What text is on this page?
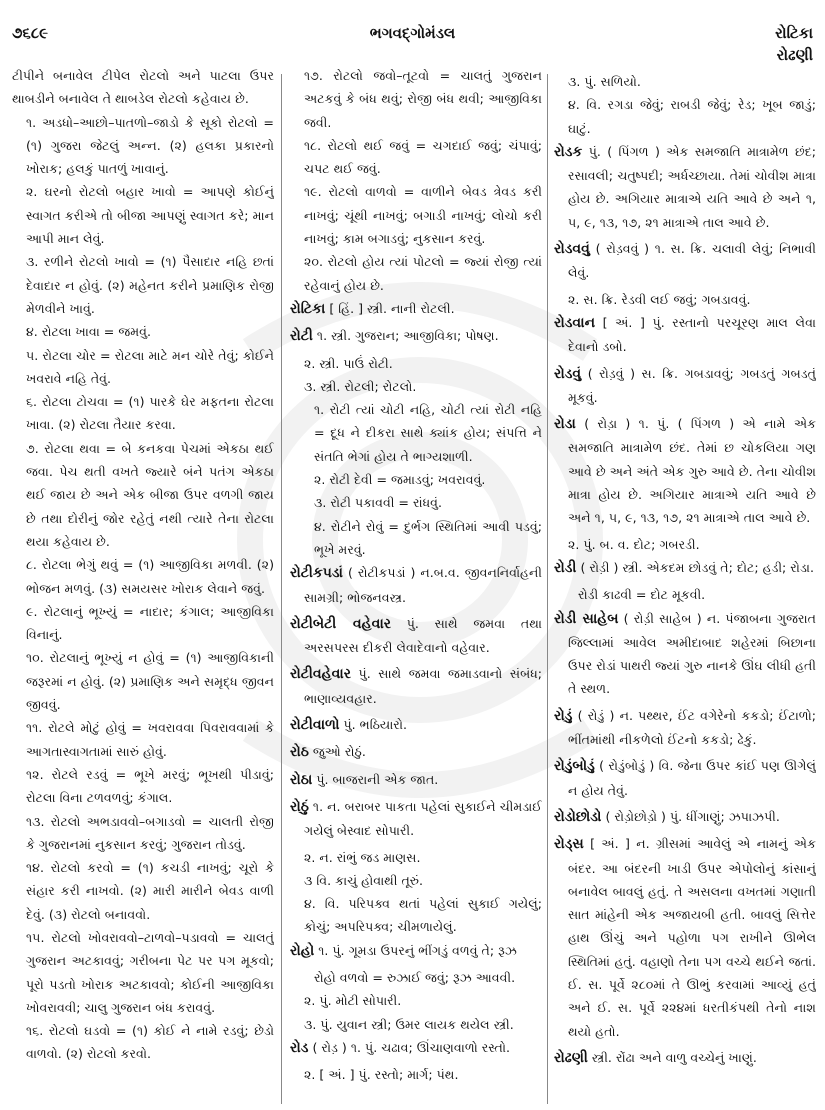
૭૬૮૯	ભગવદ્ગોમંડલ	રોટિકા
રોઢણી

ટીપીને બનાવેલ ટીપેલ રોટલો અને પાટલા ઉપર થાબડીને બનાવેલ તે થાબડેલ રોટલો કહેવાય છે.

૧. અડધો–આછો–પાતળો–જાડો કે સૂકો રોટલો = (૧) ગુજરા જેટલું અન્ન. (૨) હલકા પ્રકારનો ખોરાક; હલકું પાતળું ખાવાનું.

૨. ઘરનો રોટલો બહાર ખાવો = આપણે કોઈનું સ્વાગત કરીએ તો બીજા આપણું સ્વાગત કરે; માન આપી માન લેવું.

૩. રળીને રોટલો ખાવો = (૧) પૈસાદાર નહિ છતાં દેવાદાર ન હોવું. (૨) મહેનત કરીને પ્રમાણિક રોજી મેળવીને ખાવું.

૪. રોટલા ખાવા = જમવું.

૫. રોટલા ચોર = રોટલા માટે મન ચોરે તેવું; કોઈને ખવરાવે નહિ તેવું.

૬. રોટલા ટોચવા = (૧) પારકે ઘેર મફતના રોટલા ખાવા. (૨) રોટલા તૈયાર કરવા.

૭. રોટલા થવા = બે કનકવા પેચમાં એકઠા થઈ જવા. પેચ થતી વખતે જ્યારે બંને પતંગ એકઠા થઈ જાય છે અને એક બીજા ઉપર વળગી જાય છે તથા દોરીનું જોર રહેતું નથી ત્યારે તેના રોટલા થયા કહેવાય છે.

૮. રોટલા ભેગું થવું = (૧) આજીવિકા મળવી. (૨) ભોજન મળવું. (૩) સમયસર ખોરાક લેવાને જવું.

૯. રોટલાનું ભૂખ્યું = નાદાર; કંગાલ; આજીવિકા વિનાનું.

૧૦. રોટલાનું ભૂખ્યું ન હોવું = (૧) આજીવિકાની જરૂરમાં ન હોવું. (૨) પ્રમાણિક અને સમૃદ્ધ જીવન જીવવું.

૧૧. રોટલે મોટું હોવું = ખવરાવવા પિવરાવવામાં કે આગતાસ્વાગતામાં સારું હોવું.

૧૨. રોટલે રડવું = ભૂખે મરવું; ભૂખથી પીડાવું; રોટલા વિના ટળવળવું; કંગાલ.

૧૩. રોટલો અભડાવવો–બગાડવો = ચાલતી રોજી કે ગુજરાનમાં નુકસાન કરવું; ગુજરાન તોડવું.

૧૪. રોટલો કરવો = (૧) કચડી નાખવું; ચૂરો કે સંહાર કરી નાખવો. (૨) મારી મારીને બેવડ વાળી દેવું. (૩) રોટલો બનાવવો.

૧૫. રોટલો ખોવરાવવો–ટાળવો–પડાવવો = ચાલતું ગુજરાન અટકાવવું; ગરીબના પેટ પર પગ મૂકવો; પૂરો પડતો ખોરાક અટકાવવો; કોઈની આજીવિકા ખોવરાવવી; ચાલુ ગુજરાન બંધ કરાવવું.

૧૬. રોટલો ઘડવો = (૧) કોઈ ને નામે રડવું; છેડો વાળવો. (૨) રોટલો કરવો.

૧૭. રોટલો જવો–તૂટવો = ચાલતું ગુજરાન અટકવું કે બંધ થવું; રોજી બંધ થવી; આજીવિકા જવી.

૧૮. રોટલો થઈ જવું = ચગદાઈ જવું; ચંપાવું; ચપટ થઈ જવું.

૧૯. રોટલો વાળવો = વાળીને બેવડ ત્રેવડ કરી નાખવું; ચૂંથી નાખવું; બગાડી નાખવું; લોચો કરી નાખવું; કામ બગાડવું; નુકસાન કરવું.

૨૦. રોટલો હોય ત્યાં પોટલો = જ્યાં રોજી ત્યાં રહેવાનું હોય છે.

રોટિકા [ હિં. ] સ્ત્રી. નાની રોટલી.

રોટી ૧. સ્ત્રી. ગુજરાન; આજીવિકા; પોષણ.

૨. સ્ત્રી. પાઉં રોટી.

૩. સ્ત્રી. રોટલી; રોટલો.

૧. રોટી ત્યાં ચોટી નહિ, ચોટી ત્યાં રોટી નહિ = દૂધ ને દીકરા સાથે ક્યાંક હોય; સંપત્તિ ને સંતતિ ભેગાં હોય તે ભાગ્યશાળી.

૨. રોટી દેવી = જમાડવું; ખવરાવવું.

૩. રોટી પકાવવી = રાંધવું.

૪. રોટીને રોવું = દુર્ભગ સ્થિતિમાં આવી પડવું; ભૂખે મરવું.

રોટીકપડાં ( રોટીકપડાં ) ન.બ.વ. જીવનનિર્વાહની સામગ્રી; ભોજનવસ્ત્ર.

રોટીબેટી વહેવાર પું. સાથે જમવા તથા અરસપરસ દીકરી લેવાદેવાનો વહેવાર.

રોટીવહેવાર પું. સાથે જમવા જમાડવાનો સંબંધ; ભાણાવ્યવહાર.

રોટીવાળો પું. ભઠિયારો.

રોઠ જુઓ રોઠું.

રોઠા પું. બાજરાની એક જાત.

રોઠું ૧. ન. બરાબર પાકતા પહેલાં સુકાઈને ચીમડાઈ ગયેલું બેસ્વાદ સોપારી.

૨. ન. રાંભું જડ માણસ.

૩ વિ. કાચું હોવાથી તૂરું.

૪. વિ. પરિપક્વ થતાં પહેલાં સુકાઈ ગયેલું; કોચું; અપરિપક્વ; ચીમળાયેલું.

રોહો ૧. પું. ગૂમડા ઉપરનું ભીંગડું વળવું તે; રૂઝ

રોહો વળવો = રુઝાઈ જવું; રૂઝ આવવી.

૨. પું. મોટી સોપારી.

૩. પું. યુવાન સ્ત્રી; ઉમર લાયક થયેલ સ્ત્રી.

રોડ ( રોડ઼ ) ૧. પું. ચઢાવ; ઊંચાણવાળો રસ્તો.

૨. [ અં. ] પું. રસ્તો; માર્ગ; પંથ.

૩. પું. સળિયો.

૪. વિ. રગડા જેવું; રાબડી જેવું; રેડ; ખૂબ જાડું; ઘાટું.

રોડક પું. ( પિંગળ ) એક સમજાતિ માત્રામેળ છંદ; રસાવલી; ચતુષ્પદી; અર્ધચ્છાયા. તેમાં ચોવીશ માત્રા હોય છે. અગિયાર માત્રાએ યતિ આવે છે અને ૧, ૫, ૯, ૧૩, ૧૭, ૨૧ માત્રાએ તાલ આવે છે.

રોડવવું ( રોડ઼વવું ) ૧. સ. ક્રિ. ચલાવી લેવું; નિભાવી લેવું.

૨. સ. ક્રિ. રેડવી લઈ જવું; ગબડાવવું.

રોડવાન [ અં. ] પું. રસ્તાનો પરચૂરણ માલ લેવા દેવાનો ડબો.

રોડવું ( રોડ઼વું ) સ. ક્રિ. ગબડાવવું; ગબડતું ગબડતું મૂકવું.

રોડા ( રોડ઼ા ) ૧. પું. ( પિંગળ ) એ નામે એક સમજાતિ માત્રામેળ છંદ. તેમાં છ ચોકલિયા ગણ આવે છે અને અંતે એક ગુરુ આવે છે. તેના ચોવીશ માત્રા હોય છે. અગિયાર માત્રાએ યતિ આવે છે અને ૧, ૫, ૯, ૧૩, ૧૭, ૨૧ માત્રાએ તાલ આવે છે.

૨. પું. બ. વ. દોટ; ગબરડી.

રોડી ( રોડ઼ી ) સ્ત્રી. એકદમ છોડવું તે; દોટ; હડી; રોડા.

રોડી કાઢવી = દોટ મૂકવી.

રોડી સાહેબ ( રોડ઼ી સાહેબ ) ન. પંજાબના ગુજરાત જિલ્લામાં આવેલ અમીદાબાદ શહેરમાં બિછાના ઉપર રોડાં પાથરી જ્યાં ગુરુ નાનકે ઊંઘ લીધી હતી તે સ્થળ.

રોડું ( રોડ઼ું ) ન. પથ્થર, ઈંટ વગેરેનો કકડો; ઈંટાળો; ભીંતમાંથી નીકળેલો ઈંટનો કકડો; ઢેકું.

રોડુંબોડું ( રોડ઼ુંબોડ઼ું ) વિ. જેના ઉપર કાંઈ પણ ઊગેલું ન હોય તેવું.

રોડોછોડો ( રોડ઼ોછોડ઼ો ) પું. ધીંગાણું; ઝપાઝપી.

રોડ્સ [ અં. ] ન. ગ્રીસમાં આવેલું એ નામનું એક બંદર. આ બંદરની ખાડી ઉપર એપોલોનું કાંસાનું બનાવેલ બાવલું હતું. તે અસલના વખતમાં ગણાતી સાત માંહેની એક અજાયબી હતી. બાવલું સિત્તેર હાથ ઊંચું અને પહોળા પગ રાખીને ઊભેલ સ્થિતિમાં હતું. વહાણો તેના પગ વચ્ચે થઈને જતાં. ઈ. સ. પૂર્વે ૨૮૦માં તે ઊભું કરવામાં આવ્યું હતું અને ઈ. સ. પૂર્વે ૨૨૪માં ધરતીકંપથી તેનો નાશ થયો હતો.

રોઢણી સ્ત્રી. રોંઢા અને વાળુ વચ્ચેનું ખાણું.
